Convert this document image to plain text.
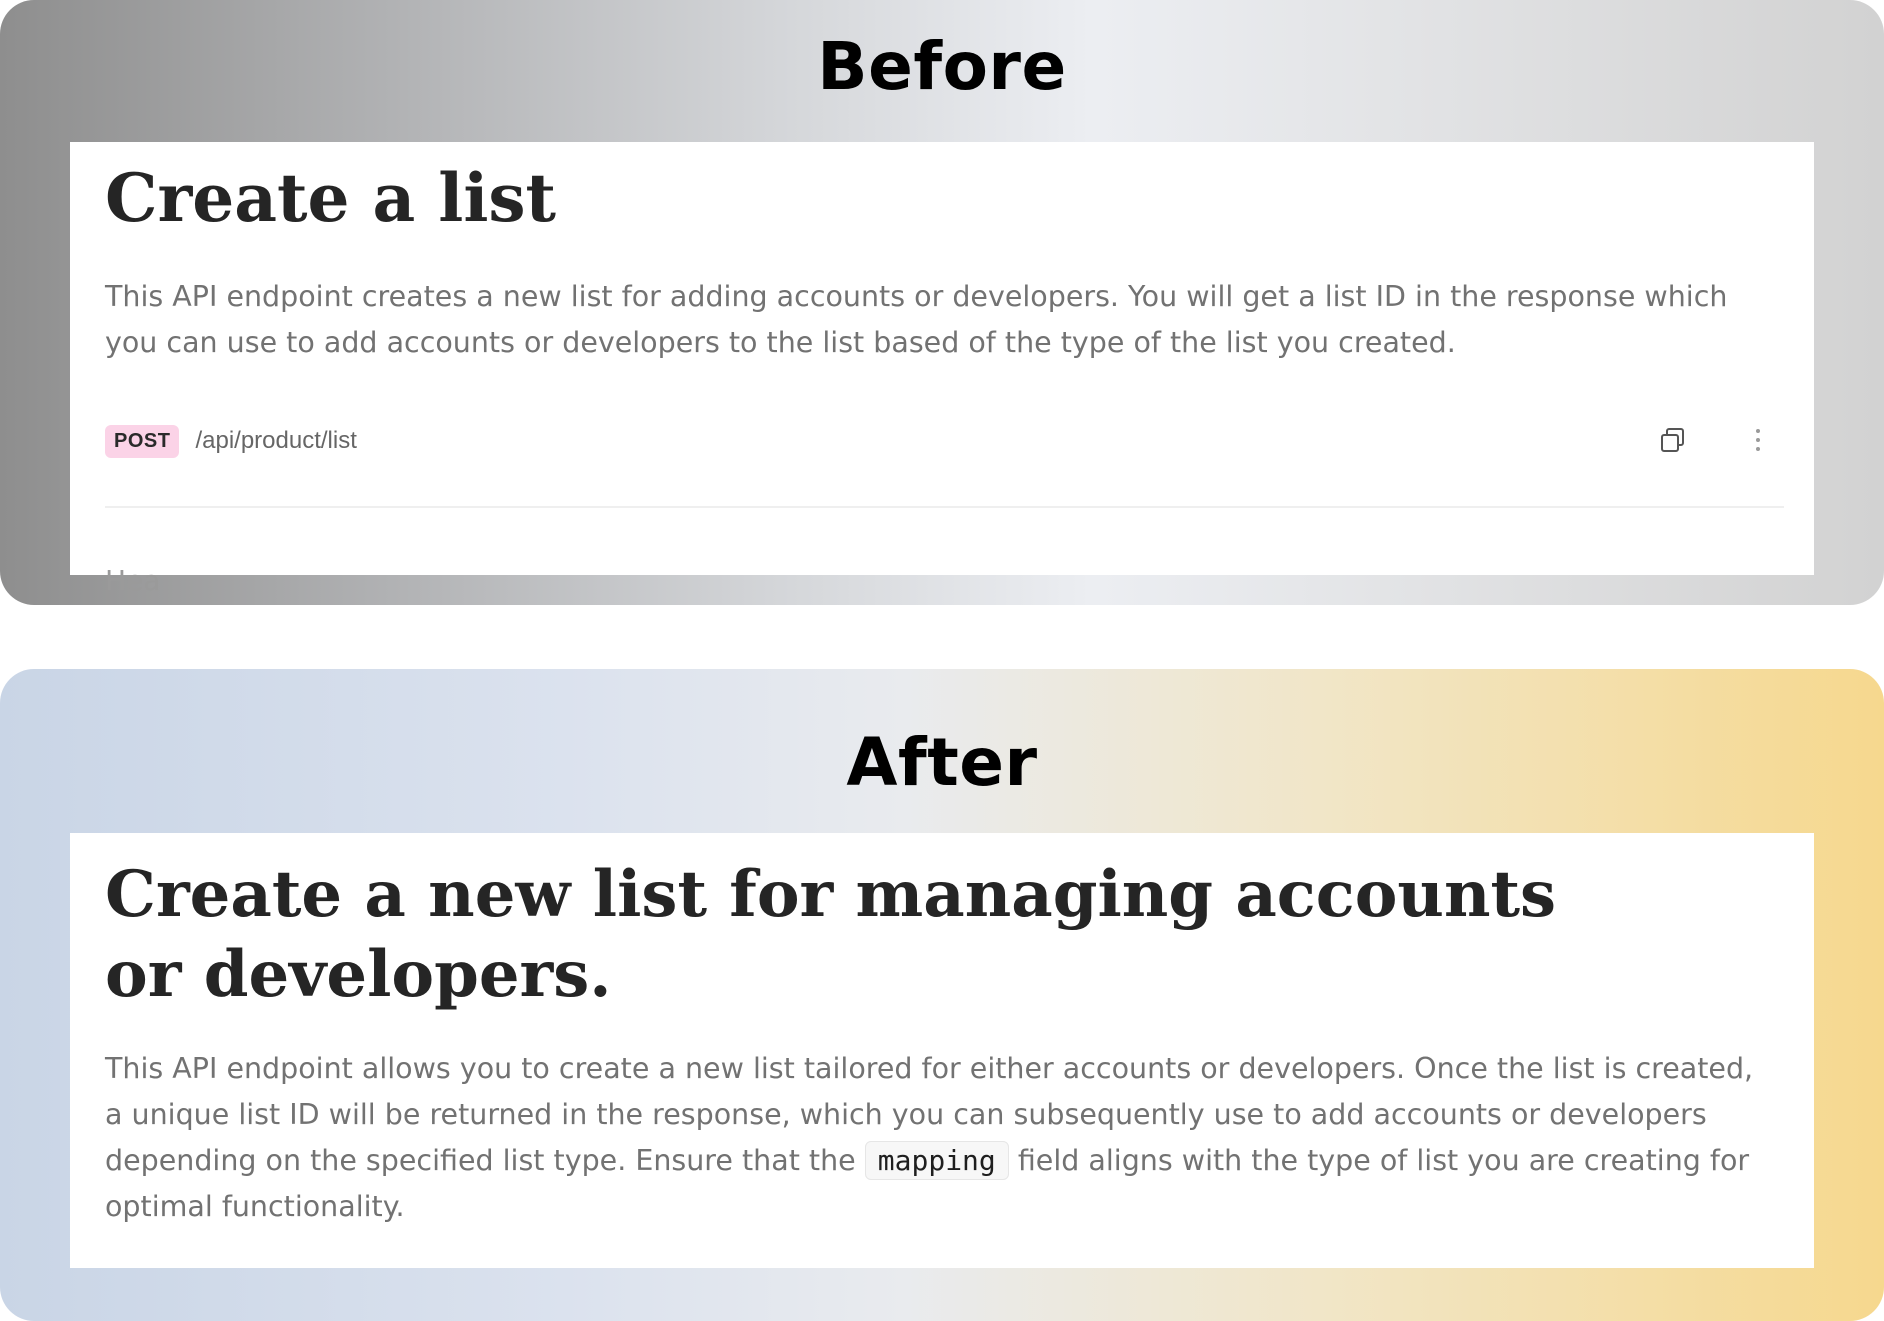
Before
Create a list

This API endpoint creates a new list for adding accounts or developers. You will get a list ID in the response which you can use to add accounts or developers to the list based of the type of the list you created.

POST	/api/product/list
Hea
After
Create a new list for managing accounts or developers.

This API endpoint allows you to create a new list tailored for either accounts or developers. Once the list is created, a unique list ID will be returned in the response, which you can subsequently use to add accounts or developers depending on the specified list type. Ensure that the mapping field aligns with the type of list you are creating for optimal functionality.
